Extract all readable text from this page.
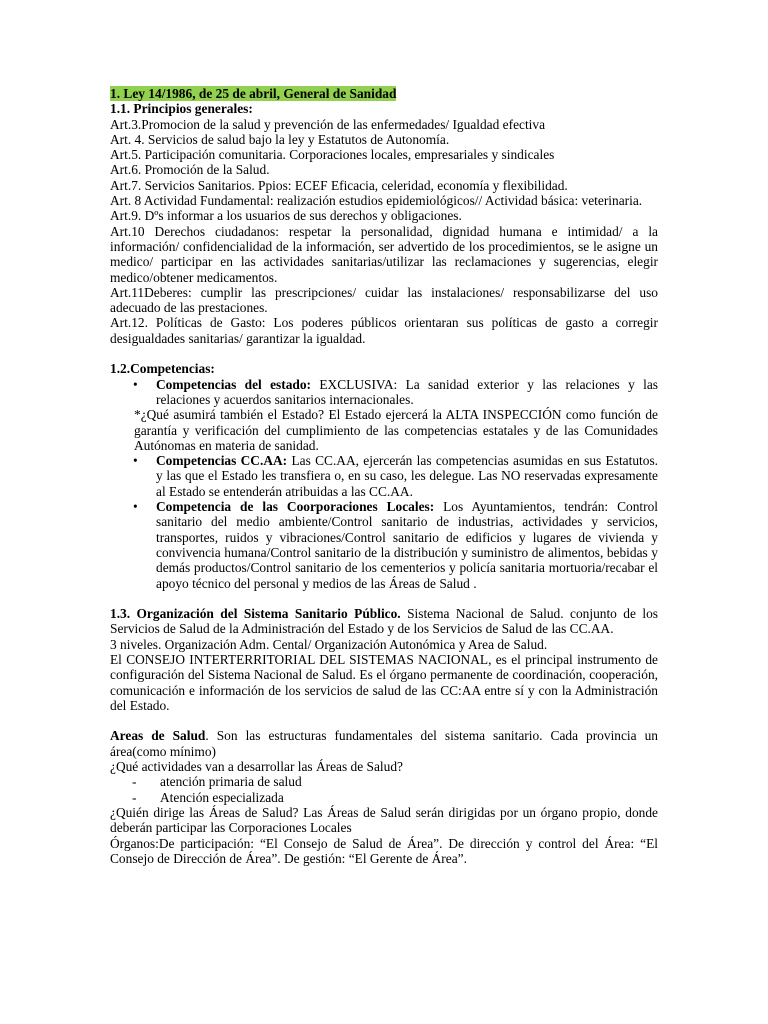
1. Ley 14/1986, de 25 de abril, General de Sanidad

1.1. Principios generales:

Art.3.Promocion de la salud y prevención de las enfermedades/ Igualdad efectiva

Art. 4. Servicios de salud bajo la ley y Estatutos de Autonomía.

Art.5. Participación comunitaria. Corporaciones locales, empresariales y sindicales

Art.6. Promoción de la Salud.

Art.7. Servicios Sanitarios. Ppios: ECEF Eficacia, celeridad, economía y flexibilidad.

Art. 8 Actividad Fundamental: realización estudios epidemiológicos// Actividad básica: veterinaria.

Art.9. Dºs informar a los usuarios de sus derechos y obligaciones.

Art.10 Derechos ciudadanos: respetar la personalidad, dignidad humana e intimidad/ a la información/ confidencialidad de la información, ser advertido de los procedimientos, se le asigne un medico/ participar en las actividades sanitarias/utilizar las reclamaciones y sugerencias, elegir medico/obtener medicamentos.

Art.11Deberes: cumplir las prescripciones/ cuidar las instalaciones/ responsabilizarse del uso adecuado de las prestaciones.

Art.12. Políticas de Gasto: Los poderes públicos orientaran sus políticas de gasto a corregir desigualdades sanitarias/ garantizar la igualdad.

1.2.Competencias:

• Competencias del estado: EXCLUSIVA: La sanidad exterior y las relaciones y las relaciones y acuerdos sanitarios internacionales.

*¿Qué asumirá también el Estado? El Estado ejercerá la ALTA INSPECCIÓN como función de garantía y verificación del cumplimiento de las competencias estatales y de las Comunidades Autónomas en materia de sanidad.

• Competencias CC.AA: Las CC.AA, ejercerán las competencias asumidas en sus Estatutos. y las que el Estado les transfiera o, en su caso, les delegue. Las NO reservadas expresamente al Estado se entenderán atribuidas a las CC.AA.
• Competencia de las Coorporaciones Locales: Los Ayuntamientos, tendrán: Control sanitario del medio ambiente/Control sanitario de industrias, actividades y servicios, transportes, ruidos y vibraciones/Control sanitario de edificios y lugares de vivienda y convivencia humana/Control sanitario de la distribución y suministro de alimentos, bebidas y demás productos/Control sanitario de los cementerios y policía sanitaria mortuoria/recabar el apoyo técnico del personal y medios de las Áreas de Salud .

1.3. Organización del Sistema Sanitario Público. Sistema Nacional de Salud. conjunto de los Servicios de Salud de la Administración del Estado y de los Servicios de Salud de las CC.AA.

3 niveles. Organización Adm. Cental/ Organización Autonómica y Area de Salud.

El CONSEJO INTERTERRITORIAL DEL SISTEMAS NACIONAL, es el principal instrumento de configuración del Sistema Nacional de Salud. Es el órgano permanente de coordinación, cooperación, comunicación e información de los servicios de salud de las CC:AA entre sí y con la Administración del Estado.

Areas de Salud. Son las estructuras fundamentales del sistema sanitario. Cada provincia un área(como mínimo)

¿Qué actividades van a desarrollar las Áreas de Salud?

- atención primaria de salud
- Atención especializada

¿Quién dirige las Áreas de Salud? Las Áreas de Salud serán dirigidas por un órgano propio, donde deberán participar las Corporaciones Locales

Órganos:De participación: “El Consejo de Salud de Área”. De dirección y control del Área: “El Consejo de Dirección de Área”. De gestión: “El Gerente de Área”.
